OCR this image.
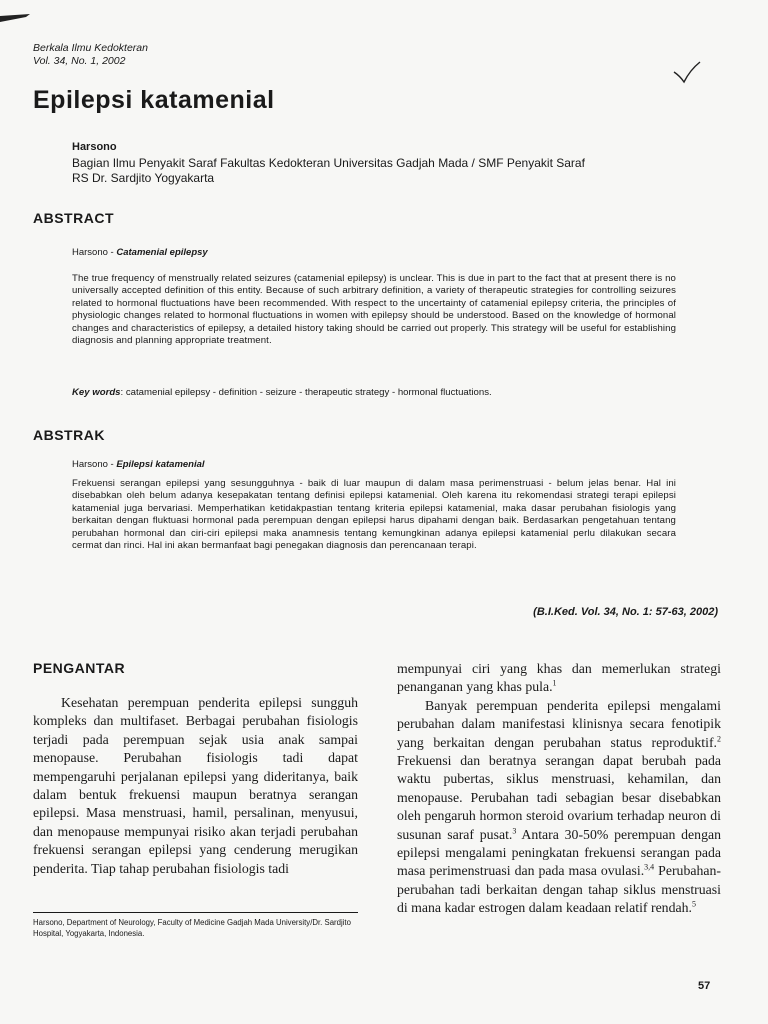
Berkala Ilmu Kedokteran
Vol. 34, No. 1, 2002
Epilepsi katamenial
Harsono
Bagian Ilmu Penyakit Saraf Fakultas Kedokteran Universitas Gadjah Mada / SMF Penyakit Saraf
RS Dr. Sardjito Yogyakarta
ABSTRACT
Harsono - Catamenial epilepsy
The true frequency of menstrually related seizures (catamenial epilepsy) is unclear. This is due in part to the fact that at present there is no universally accepted definition of this entity. Because of such arbitrary definition, a variety of therapeutic strategies for controlling seizures related to hormonal fluctuations have been recommended. With respect to the uncertainty of catamenial epilepsy criteria, the principles of physiologic changes related to hormonal fluctuations in women with epilepsy should be understood. Based on the knowledge of hormonal changes and characteristics of epilepsy, a detailed history taking should be carried out properly. This strategy will be useful for establishing diagnosis and planning appropriate treatment.
Key words: catamenial epilepsy - definition - seizure - therapeutic strategy - hormonal fluctuations.
ABSTRAK
Harsono - Epilepsi katamenial
Frekuensi serangan epilepsi yang sesungguhnya - baik di luar maupun di dalam masa perimenstruasi - belum jelas benar. Hal ini disebabkan oleh belum adanya kesepakatan tentang definisi epilepsi katamenial. Oleh karena itu rekomendasi strategi terapi epilepsi katamenial juga bervariasi. Memperhatikan ketidakpastian tentang kriteria epilepsi katamenial, maka dasar perubahan fisiologis yang berkaitan dengan fluktuasi hormonal pada perempuan dengan epilepsi harus dipahami dengan baik. Berdasarkan pengetahuan tentang perubahan hormonal dan ciri-ciri epilepsi maka anamnesis tentang kemungkinan adanya epilepsi katamenial perlu dilakukan secara cermat dan rinci. Hal ini akan bermanfaat bagi penegakan diagnosis dan perencanaan terapi.
(B.I.Ked. Vol. 34, No. 1: 57-63, 2002)
PENGANTAR

Kesehatan perempuan penderita epilepsi sungguh kompleks dan multifaset. Berbagai perubahan fisiologis terjadi pada perempuan sejak usia anak sampai menopause. Perubahan fisiologis tadi dapat mempengaruhi perjalanan epilepsi yang dideritanya, baik dalam bentuk frekuensi maupun beratnya serangan epilepsi. Masa menstruasi, hamil, persalinan, menyusui, dan menopause mempunyai risiko akan terjadi perubahan frekuensi serangan epilepsi yang cenderung merugikan penderita. Tiap tahap perubahan fisiologis tadi

mempunyai ciri yang khas dan memerlukan strategi penanganan yang khas pula.$^1$

Banyak perempuan penderita epilepsi mengalami perubahan dalam manifestasi klinisnya secara fenotipik yang berkaitan dengan perubahan status reproduktif.$^2$ Frekuensi dan beratnya serangan dapat berubah pada waktu pubertas, siklus menstruasi, kehamilan, dan menopause. Perubahan tadi sebagian besar disebabkan oleh pengaruh hormon steroid ovarium terhadap neuron di susunan saraf pusat.$^3$ Antara 30-50% perempuan dengan epilepsi mengalami peningkatan frekuensi serangan pada masa perimenstruasi dan pada masa ovulasi.$^{3,4}$ Perubahan-perubahan tadi berkaitan dengan tahap siklus menstruasi di mana kadar estrogen dalam keadaan relatif rendah.$^5$

Harsono, Department of Neurology, Faculty of Medicine Gadjah Mada University/Dr. Sardjito Hospital, Yogyakarta, Indonesia.
57
